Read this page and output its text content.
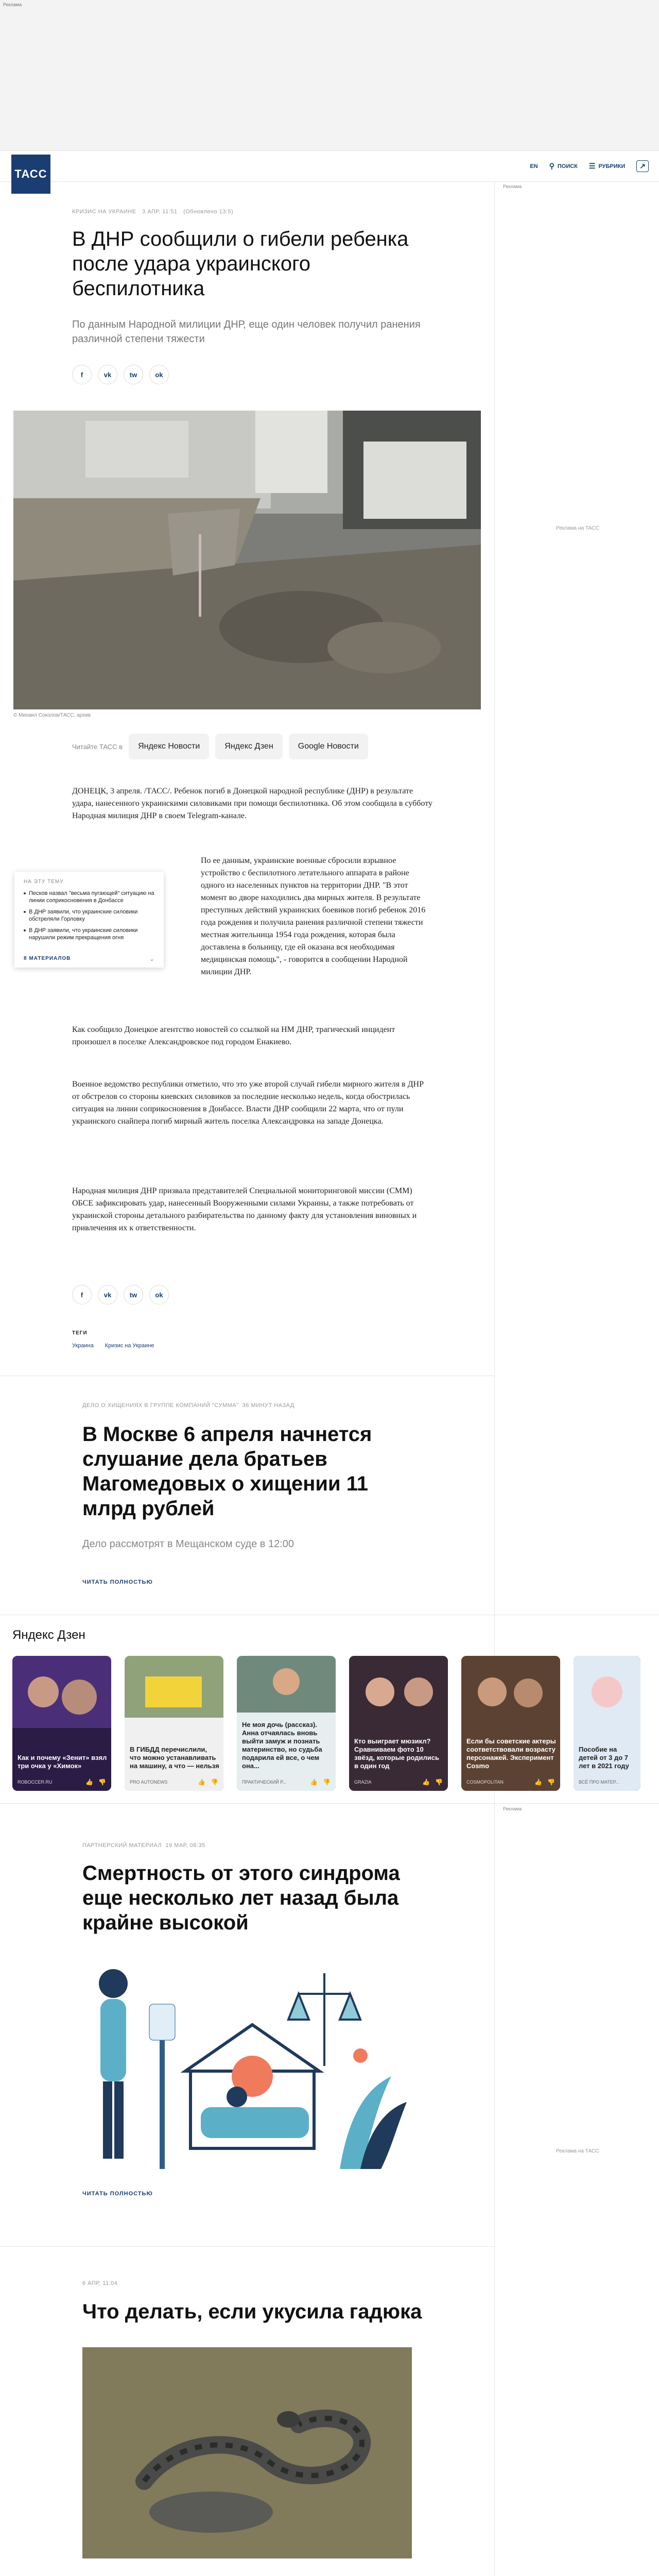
Реклама
ТАСС
EN ⚲ ПОИСК ☰ РУБРИКИ	↗
Реклама
Реклама на ТАСС
КРИЗИС НА УКРАИНЕ 3 АПР, 11:51 (Обновлено 13:5)
В ДНР сообщили о гибели ребенка после удара украинского беспилотника

По данным Народной милиции ДНР, еще один человек получил ранения различной степени тяжести

f	vk	tw	ok
© Михаил Соколов/ТАСС, архив
Читайте ТАСС в	Яндекс Новости	Яндекс Дзен	Google Новости

ДОНЕЦК, 3 апреля. /ТАСС/. Ребенок погиб в Донецкой народной республике (ДНР) в результате удара, нанесенного украинскими силовиками при помощи беспилотника. Об этом сообщила в субботу Народная милиция ДНР в своем Telegram-канале.

По ее данным, украинские военные сбросили взрывное устройство с беспилотного летательного аппарата в районе одного из населенных пунктов на территории ДНР. "В этот момент во дворе находились два мирных жителя. В результате преступных действий украинских боевиков погиб ребенок 2016 года рождения и получила ранения различной степени тяжести местная жительница 1954 года рождения, которая была доставлена в больницу, где ей оказана вся необходимая медицинская помощь", - говорится в сообщении Народной милиции ДНР.

Как сообщило Донецкое агентство новостей со ссылкой на НМ ДНР, трагический инцидент произошел в поселке Александровское под городом Енакиево.

Военное ведомство республики отметило, что это уже второй случай гибели мирного жителя в ДНР от обстрелов со стороны киевских силовиков за последние несколько недель, когда обострилась ситуация на линии соприкосновения в Донбассе. Власти ДНР сообщили 22 марта, что от пули украинского снайпера погиб мирный житель поселка Александровка на западе Донецка.

Народная милиция ДНР призвала представителей Специальной мониторинговой миссии (СММ) ОБСЕ зафиксировать удар, нанесенный Вооруженными силами Украины, а также потребовать от украинской стороны детального разбирательства по данному факту для установления виновных и привлечения их к ответственности.

НА ЭТУ ТЕМУ
Песков назвал "весьма пугающей" ситуацию на линии соприкосновения в Донбассе
В ДНР заявили, что украинские силовики обстреляли Горловку
В ДНР заявили, что украинские силовики нарушили режим прекращения огня
8 МАТЕРИАЛОВ	⌄
f	vk	tw	ok
ТЕГИ
Украина Кризис на Украине
ДЕЛО О ХИЩЕНИЯХ В ГРУППЕ КОМПАНИЙ "СУММА" 36 МИНУТ НАЗАД
В Москве 6 апреля начнется слушание дела братьев Магомедовых о хищении 11 млрд рублей

Дело рассмотрят в Мещанском суде в 12:00

ЧИТАТЬ ПОЛНОСТЬЮ
Яндекс Дзен
Как и почему «Зенит» взял три очка у «Химок»
ROBOCCER.RU	👍 👎
В ГИБДД перечислили, что можно устанавливать на машину, а что — нельзя
PRO AUTONEWS	👍 👎
Не моя дочь (рассказ). Анна отчаялась вновь выйти замуж и познать материнство, но судьба подарила ей все, о чем она...
ПРАКТИЧЕСКИЙ Р...	👍 👎
Кто выиграет мюзикл? Сравниваем фото 10 звёзд, которые родились в один год
GRAZIA	👍 👎
Если бы советские актеры соответствовали возрасту персонажей. Эксперимент Cosmo
COSMOPOLITAN	👍 👎
Пособие на детей от 3 до 7 лет в 2021 году
ВСЁ ПРО МАТЕР...
Реклама
Реклама на ТАСС
ПАРТНЕРСКИЙ МАТЕРИАЛ 19 МАР, 08:35
Смертность от этого синдрома еще несколько лет назад была крайне высокой
ЧИТАТЬ ПОЛНОСТЬЮ
6 АПР, 11:04
Что делать, если укусила гадюка
